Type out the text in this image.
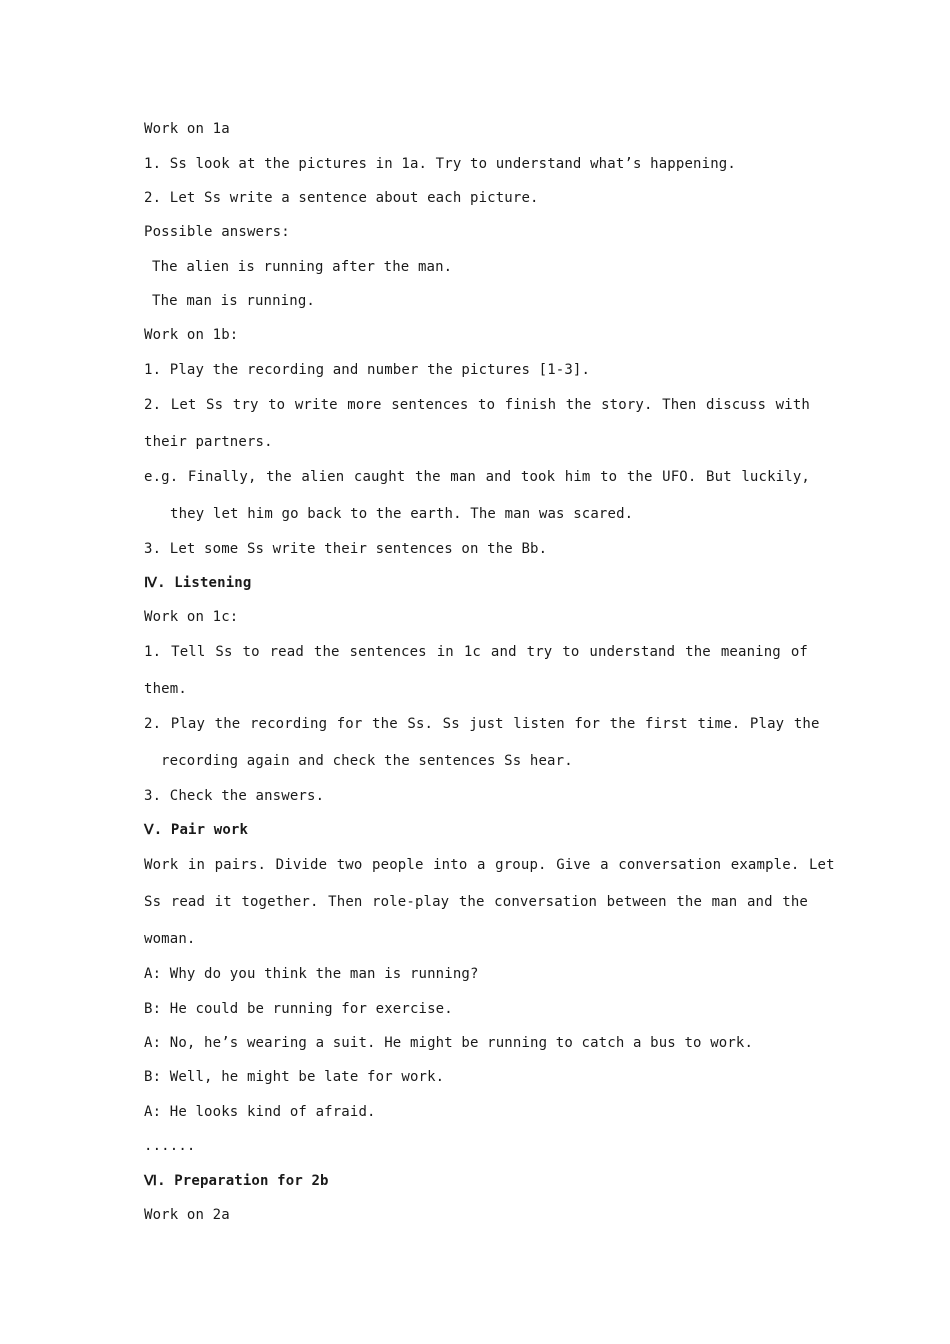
Work on 1a
1. Ss look at the pictures in 1a. Try to understand what’s happening.
2. Let Ss write a sentence about each picture.
Possible answers:
The alien is running after the man.
The man is running.
Work on 1b:
1. Play the recording and number the pictures [1-3].
2. Let Ss try to write more sentences to finish the story. Then discuss with
their partners.
e.g. Finally, the alien caught the man and took him to the UFO. But luckily,
they let him go back to the earth. The man was scared.
3. Let some Ss write their sentences on the Bb.
Ⅳ. Listening
Work on 1c:
1. Tell Ss to read the sentences in 1c and try to understand the meaning of
them.
2. Play the recording for the Ss. Ss just listen for the first time. Play the
recording again and check the sentences Ss hear.
3. Check the answers.
Ⅴ. Pair work
Work in pairs. Divide two people into a group. Give a conversation example. Let
Ss read it together. Then role-play the conversation between the man and the
woman.
A: Why do you think the man is running?
B: He could be running for exercise.
A: No, he’s wearing a suit. He might be running to catch a bus to work.
B: Well, he might be late for work.
A: He looks kind of afraid.
......
Ⅵ. Preparation for 2b
Work on 2a
